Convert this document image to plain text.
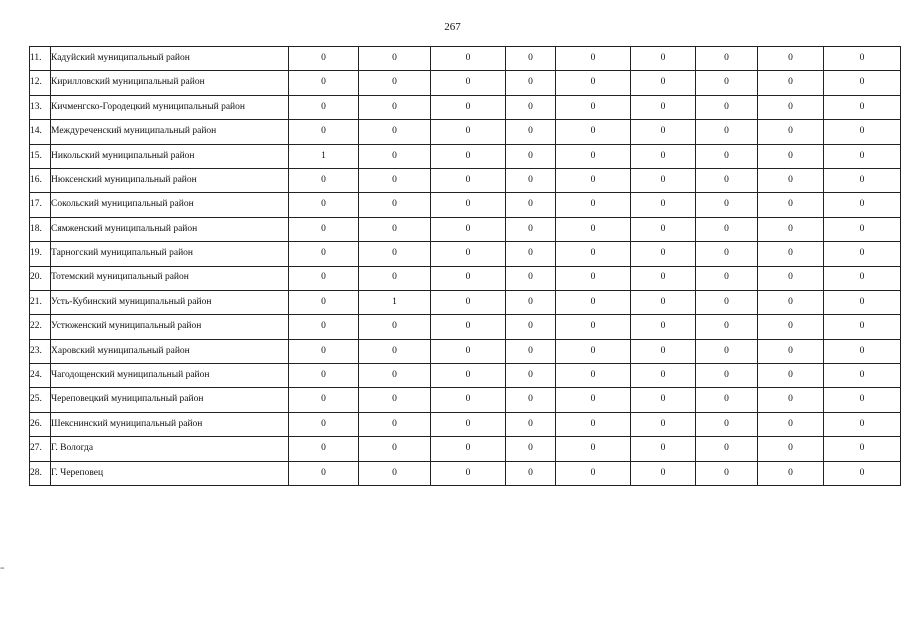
267
11.	Кадуйский муниципальный район	0	0	0	0	0	0	0	0	0
12.	Кирилловский муниципальный район	0	0	0	0	0	0	0	0	0
13.	Кичменгско-Городецкий муниципальный район	0	0	0	0	0	0	0	0	0
14.	Междуреченский муниципальный район	0	0	0	0	0	0	0	0	0
15.	Никольский муниципальный район	1	0	0	0	0	0	0	0	0
16.	Нюксенский муниципальный район	0	0	0	0	0	0	0	0	0
17.	Сокольский муниципальный район	0	0	0	0	0	0	0	0	0
18.	Сямженский муниципальный район	0	0	0	0	0	0	0	0	0
19.	Тарногский муниципальный район	0	0	0	0	0	0	0	0	0
20.	Тотемский муниципальный район	0	0	0	0	0	0	0	0	0
21.	Усть-Кубинский муниципальный район	0	1	0	0	0	0	0	0	0
22.	Устюженский муниципальный район	0	0	0	0	0	0	0	0	0
23.	Харовский муниципальный район	0	0	0	0	0	0	0	0	0
24.	Чагодощенский муниципальный район	0	0	0	0	0	0	0	0	0
25.	Череповецкий муниципальный район	0	0	0	0	0	0	0	0	0
26.	Шекснинский муниципальный район	0	0	0	0	0	0	0	0	0
27.	Г. Вологда	0	0	0	0	0	0	0	0	0
28.	Г. Череповец	0	0	0	0	0	0	0	0	0
=
